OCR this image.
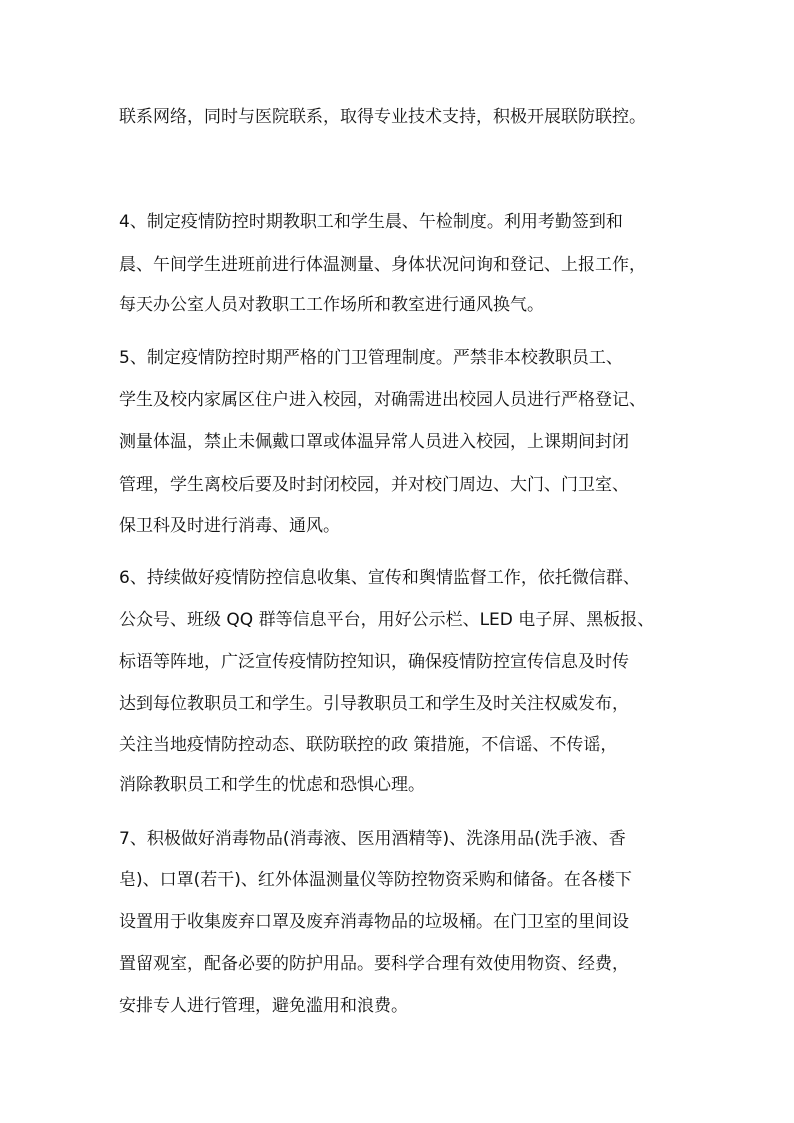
联系网络，同时与医院联系，取得专业技术支持，积极开展联防联控。
4、制定疫情防控时期教职工和学生晨、午检制度。利用考勤签到和
晨、午间学生进班前进行体温测量、身体状况问询和登记、上报工作，
每天办公室人员对教职工工作场所和教室进行通风换气。
5、制定疫情防控时期严格的门卫管理制度。严禁非本校教职员工、
学生及校内家属区住户进入校园，对确需进出校园人员进行严格登记、
测量体温，禁止未佩戴口罩或体温异常人员进入校园，上课期间封闭
管理，学生离校后要及时封闭校园，并对校门周边、大门、门卫室、
保卫科及时进行消毒、通风。
6、持续做好疫情防控信息收集、宣传和舆情监督工作，依托微信群、
公众号、班级 QQ 群等信息平台，用好公示栏、LED 电子屏、黑板报、
标语等阵地，广泛宣传疫情防控知识，确保疫情防控宣传信息及时传
达到每位教职员工和学生。引导教职员工和学生及时关注权威发布，
关注当地疫情防控动态、联防联控的政 策措施，不信谣、不传谣，
消除教职员工和学生的忧虑和恐惧心理。
7、积极做好消毒物品(消毒液、医用酒精等)、洗涤用品(洗手液、香
皂)、口罩(若干)、红外体温测量仪等防控物资采购和储备。在各楼下
设置用于收集废弃口罩及废弃消毒物品的垃圾桶。在门卫室的里间设
置留观室，配备必要的防护用品。要科学合理有效使用物资、经费，
安排专人进行管理，避免滥用和浪费。
